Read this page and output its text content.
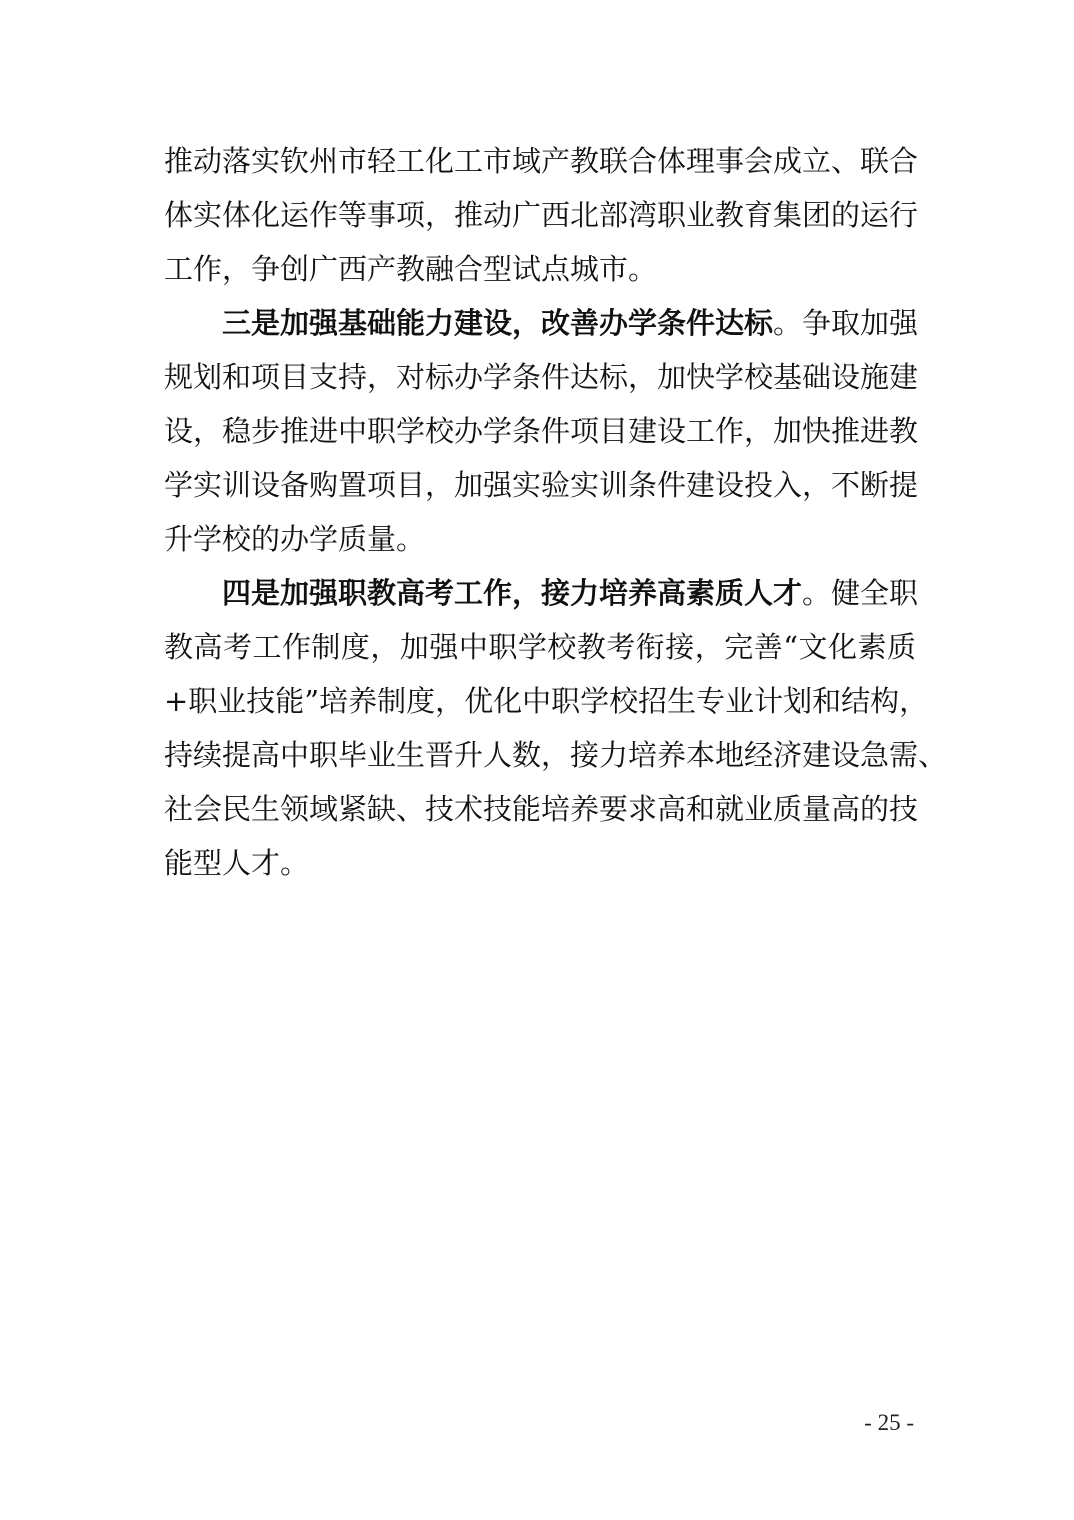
推动落实钦州市轻工化工市域产教联合体理事会成立、联合
体实体化运作等事项，推动广西北部湾职业教育集团的运行
工作，争创广西产教融合型试点城市。
三是加强基础能力建设，改善办学条件达标。争取加强
规划和项目支持，对标办学条件达标，加快学校基础设施建
设，稳步推进中职学校办学条件项目建设工作，加快推进教
学实训设备购置项目，加强实验实训条件建设投入，不断提
升学校的办学质量。
四是加强职教高考工作，接力培养高素质人才。健全职
教高考工作制度，加强中职学校教考衔接，完善“文化素质
+职业技能”培养制度，优化中职学校招生专业计划和结构，
持续提高中职毕业生晋升人数，接力培养本地经济建设急需、
社会民生领域紧缺、技术技能培养要求高和就业质量高的技
能型人才。
- 25 -
